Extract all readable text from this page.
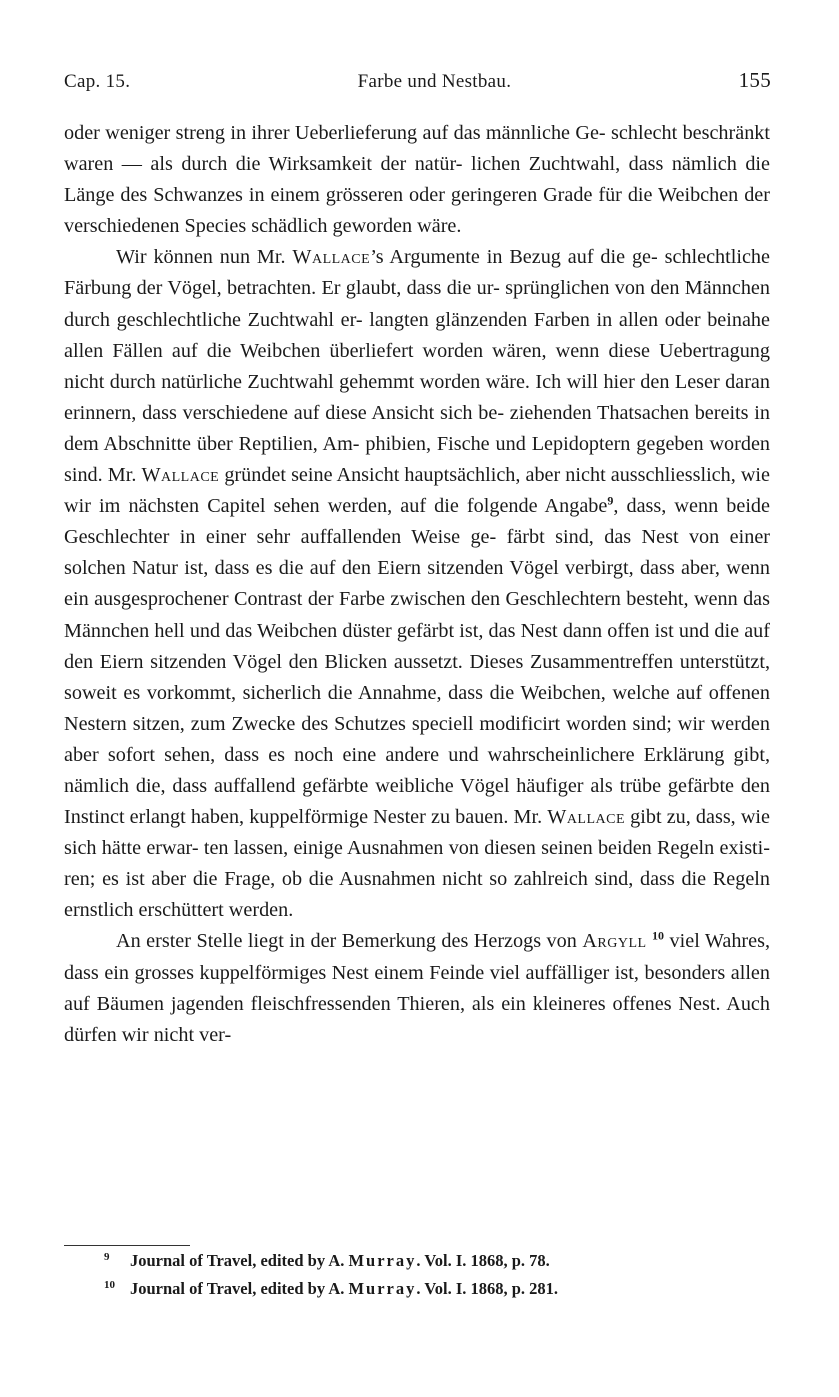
Cap. 15.	Farbe und Nestbau.	155

oder weniger streng in ihrer Ueberlieferung auf das männliche Ge- schlecht beschränkt waren — als durch die Wirksamkeit der natür- lichen Zuchtwahl, dass nämlich die Länge des Schwanzes in einem grösseren oder geringeren Grade für die Weibchen der verschiedenen Species schädlich geworden wäre.

Wir können nun Mr. Wallace’s Argumente in Bezug auf die ge- schlechtliche Färbung der Vögel, betrachten. Er glaubt, dass die ur- sprünglichen von den Männchen durch geschlechtliche Zuchtwahl er- langten glänzenden Farben in allen oder beinahe allen Fällen auf die Weibchen überliefert worden wären, wenn diese Uebertragung nicht durch natürliche Zuchtwahl gehemmt worden wäre. Ich will hier den Leser daran erinnern, dass verschiedene auf diese Ansicht sich be- ziehenden Thatsachen bereits in dem Abschnitte über Reptilien, Am- phibien, Fische und Lepidoptern gegeben worden sind. Mr. Wallace gründet seine Ansicht hauptsächlich, aber nicht ausschliesslich, wie wir im nächsten Capitel sehen werden, auf die folgende Angabe$^9$, dass, wenn beide Geschlechter in einer sehr auffallenden Weise ge- färbt sind, das Nest von einer solchen Natur ist, dass es die auf den Eiern sitzenden Vögel verbirgt, dass aber, wenn ein ausgesprochener Contrast der Farbe zwischen den Geschlechtern besteht, wenn das Männchen hell und das Weibchen düster gefärbt ist, das Nest dann offen ist und die auf den Eiern sitzenden Vögel den Blicken aussetzt. Dieses Zusammentreffen unterstützt, soweit es vorkommt, sicherlich die Annahme, dass die Weibchen, welche auf offenen Nestern sitzen, zum Zwecke des Schutzes speciell modificirt worden sind; wir werden aber sofort sehen, dass es noch eine andere und wahrscheinlichere Erklärung gibt, nämlich die, dass auffallend gefärbte weibliche Vögel häufiger als trübe gefärbte den Instinct erlangt haben, kuppelförmige Nester zu bauen. Mr. Wallace gibt zu, dass, wie sich hätte erwar- ten lassen, einige Ausnahmen von diesen seinen beiden Regeln existi- ren; es ist aber die Frage, ob die Ausnahmen nicht so zahlreich sind, dass die Regeln ernstlich erschüttert werden.

An erster Stelle liegt in der Bemerkung des Herzogs von Argyll $^{10}$ viel Wahres, dass ein grosses kuppelförmiges Nest einem Feinde viel auffälliger ist, besonders allen auf Bäumen jagenden fleischfressenden Thieren, als ein kleineres offenes Nest. Auch dürfen wir nicht ver-

9	Journal of Travel, edited by A. Murray. Vol. I. 1868, p. 78.
10 Journal of Travel, edited by A. Murray. Vol. I. 1868, p. 281.
